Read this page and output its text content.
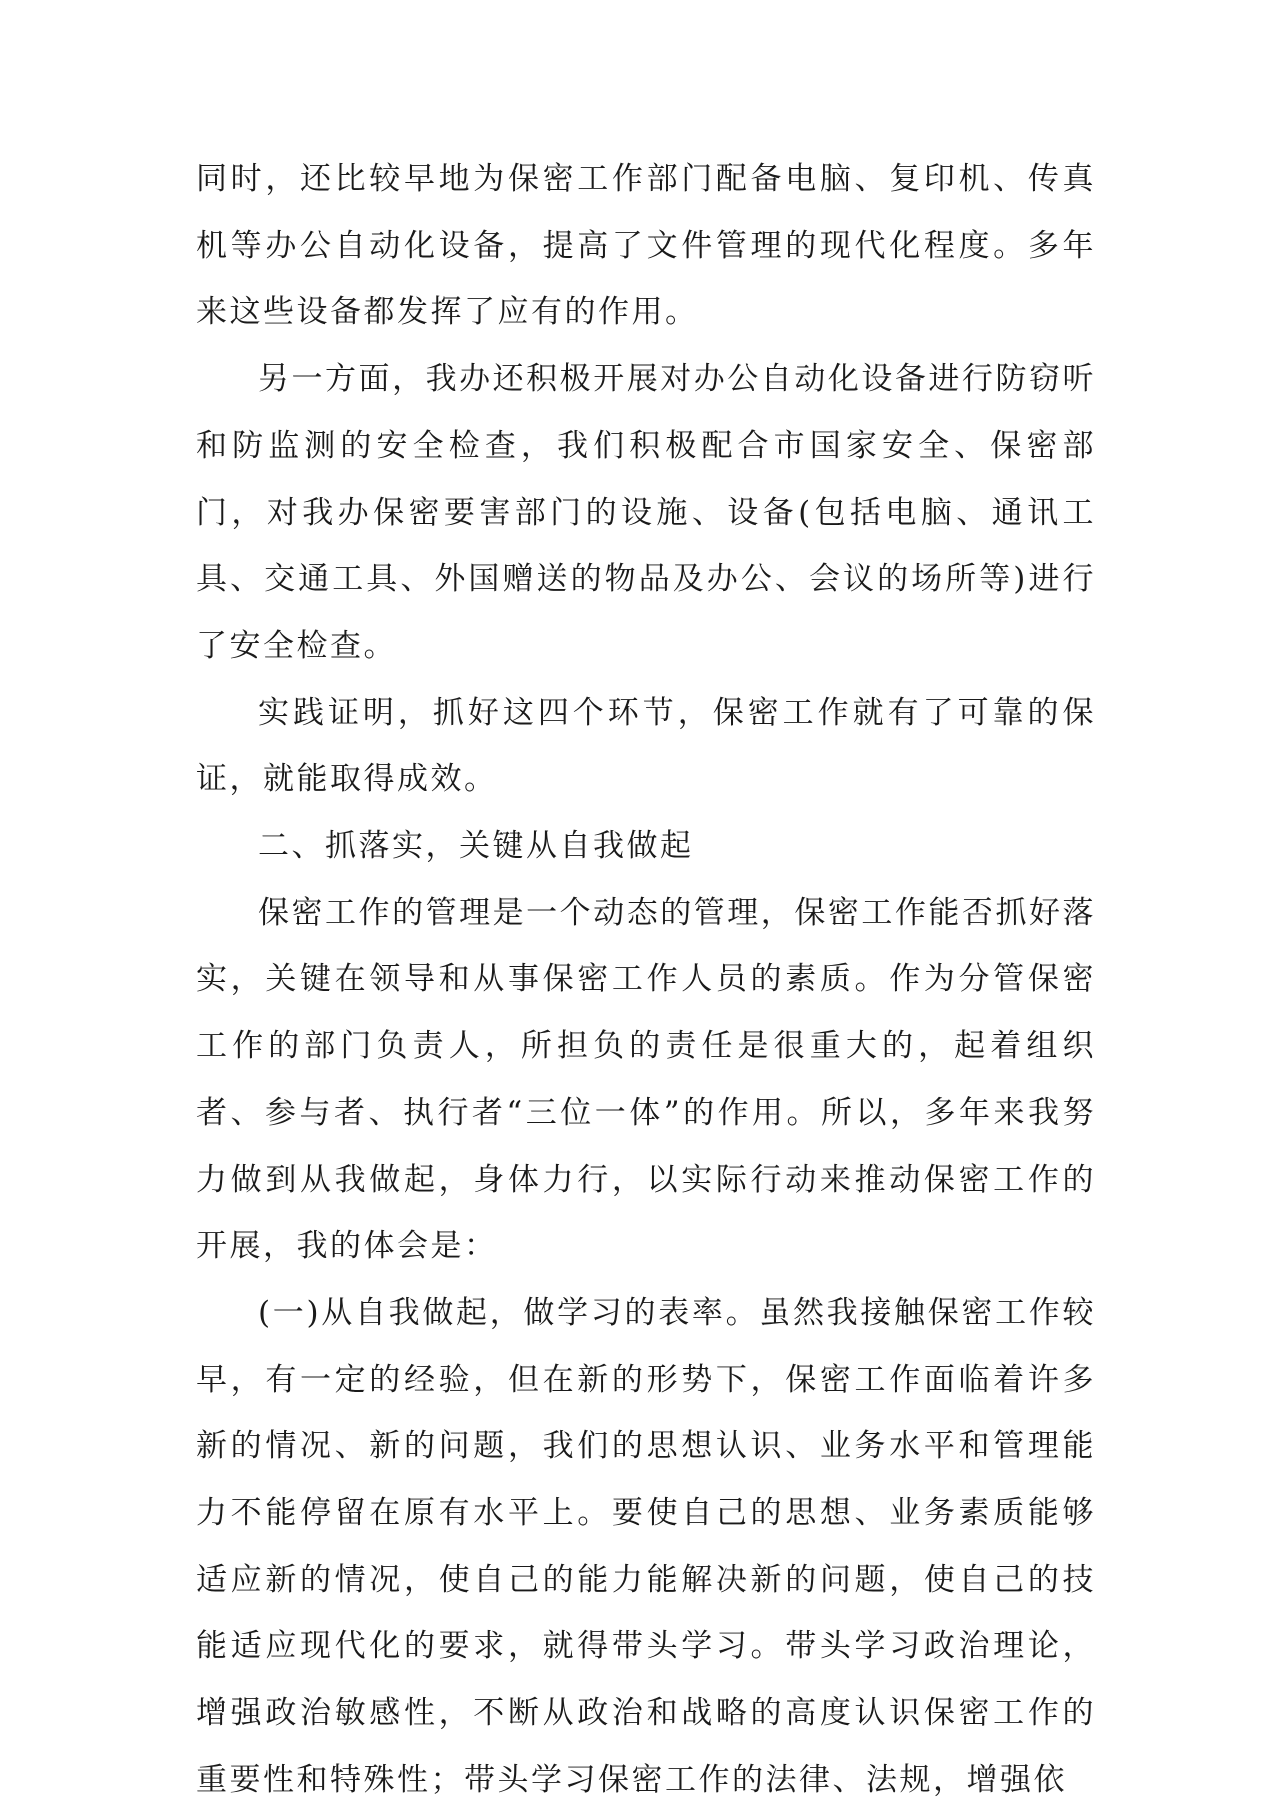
同时，还比较早地为保密工作部门配备电脑、复印机、传真机等办公自动化设备，提高了文件管理的现代化程度。多年来这些设备都发挥了应有的作用。

另一方面，我办还积极开展对办公自动化设备进行防窃听和防监测的安全检查，我们积极配合市国家安全、保密部门，对我办保密要害部门的设施、设备(包括电脑、通讯工具、交通工具、外国赠送的物品及办公、会议的场所等)进行了安全检查。

实践证明，抓好这四个环节，保密工作就有了可靠的保证，就能取得成效。

二、抓落实，关键从自我做起

保密工作的管理是一个动态的管理，保密工作能否抓好落实，关键在领导和从事保密工作人员的素质。作为分管保密工作的部门负责人，所担负的责任是很重大的，起着组织者、参与者、执行者“三位一体”的作用。所以，多年来我努力做到从我做起，身体力行，以实际行动来推动保密工作的开展，我的体会是：

(一)从自我做起，做学习的表率。虽然我接触保密工作较早，有一定的经验，但在新的形势下，保密工作面临着许多新的情况、新的问题，我们的思想认识、业务水平和管理能力不能停留在原有水平上。要使自己的思想、业务素质能够适应新的情况，使自己的能力能解决新的问题，使自己的技能适应现代化的要求，就得带头学习。带头学习政治理论，增强政治敏感性，不断从政治和战略的高度认识保密工作的重要性和特殊性；带头学习保密工作的法律、法规，增强依
